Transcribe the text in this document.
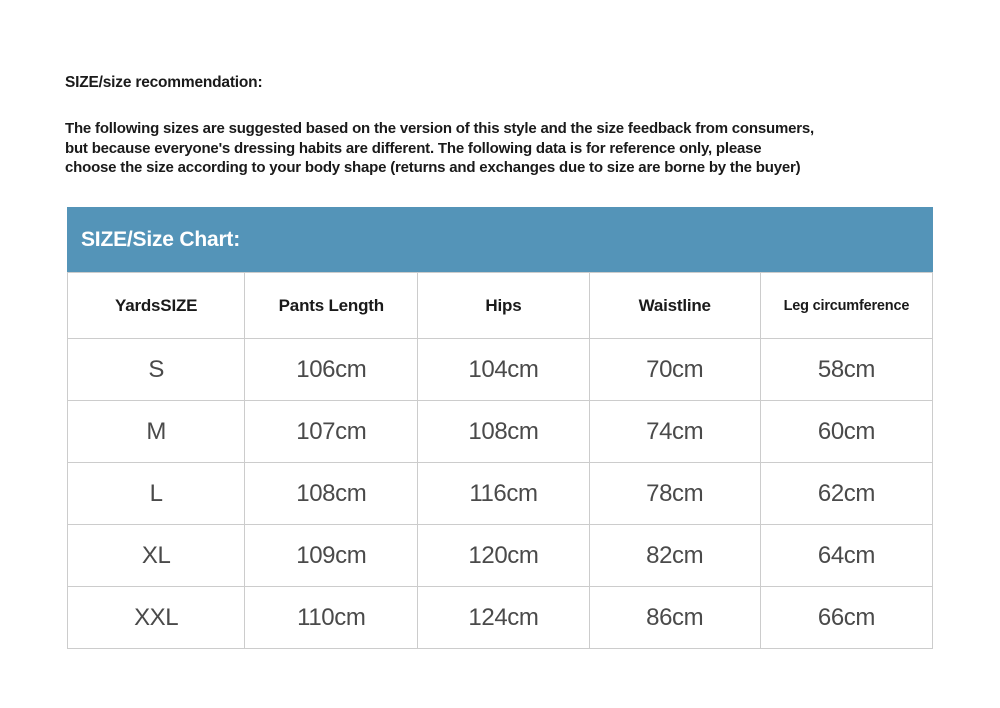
SIZE/size recommendation:
The following sizes are suggested based on the version of this style and the size feedback from consumers,
but because everyone's dressing habits are different. The following data is for reference only, please
choose the size according to your body shape (returns and exchanges due to size are borne by the buyer)
SIZE/Size Chart:
YardsSIZE	Pants Length	Hips	Waistline	Leg circumference
S	106cm	104cm	70cm	58cm
M	107cm	108cm	74cm	60cm
L	108cm	116cm	78cm	62cm
XL	109cm	120cm	82cm	64cm
XXL	110cm	124cm	86cm	66cm
